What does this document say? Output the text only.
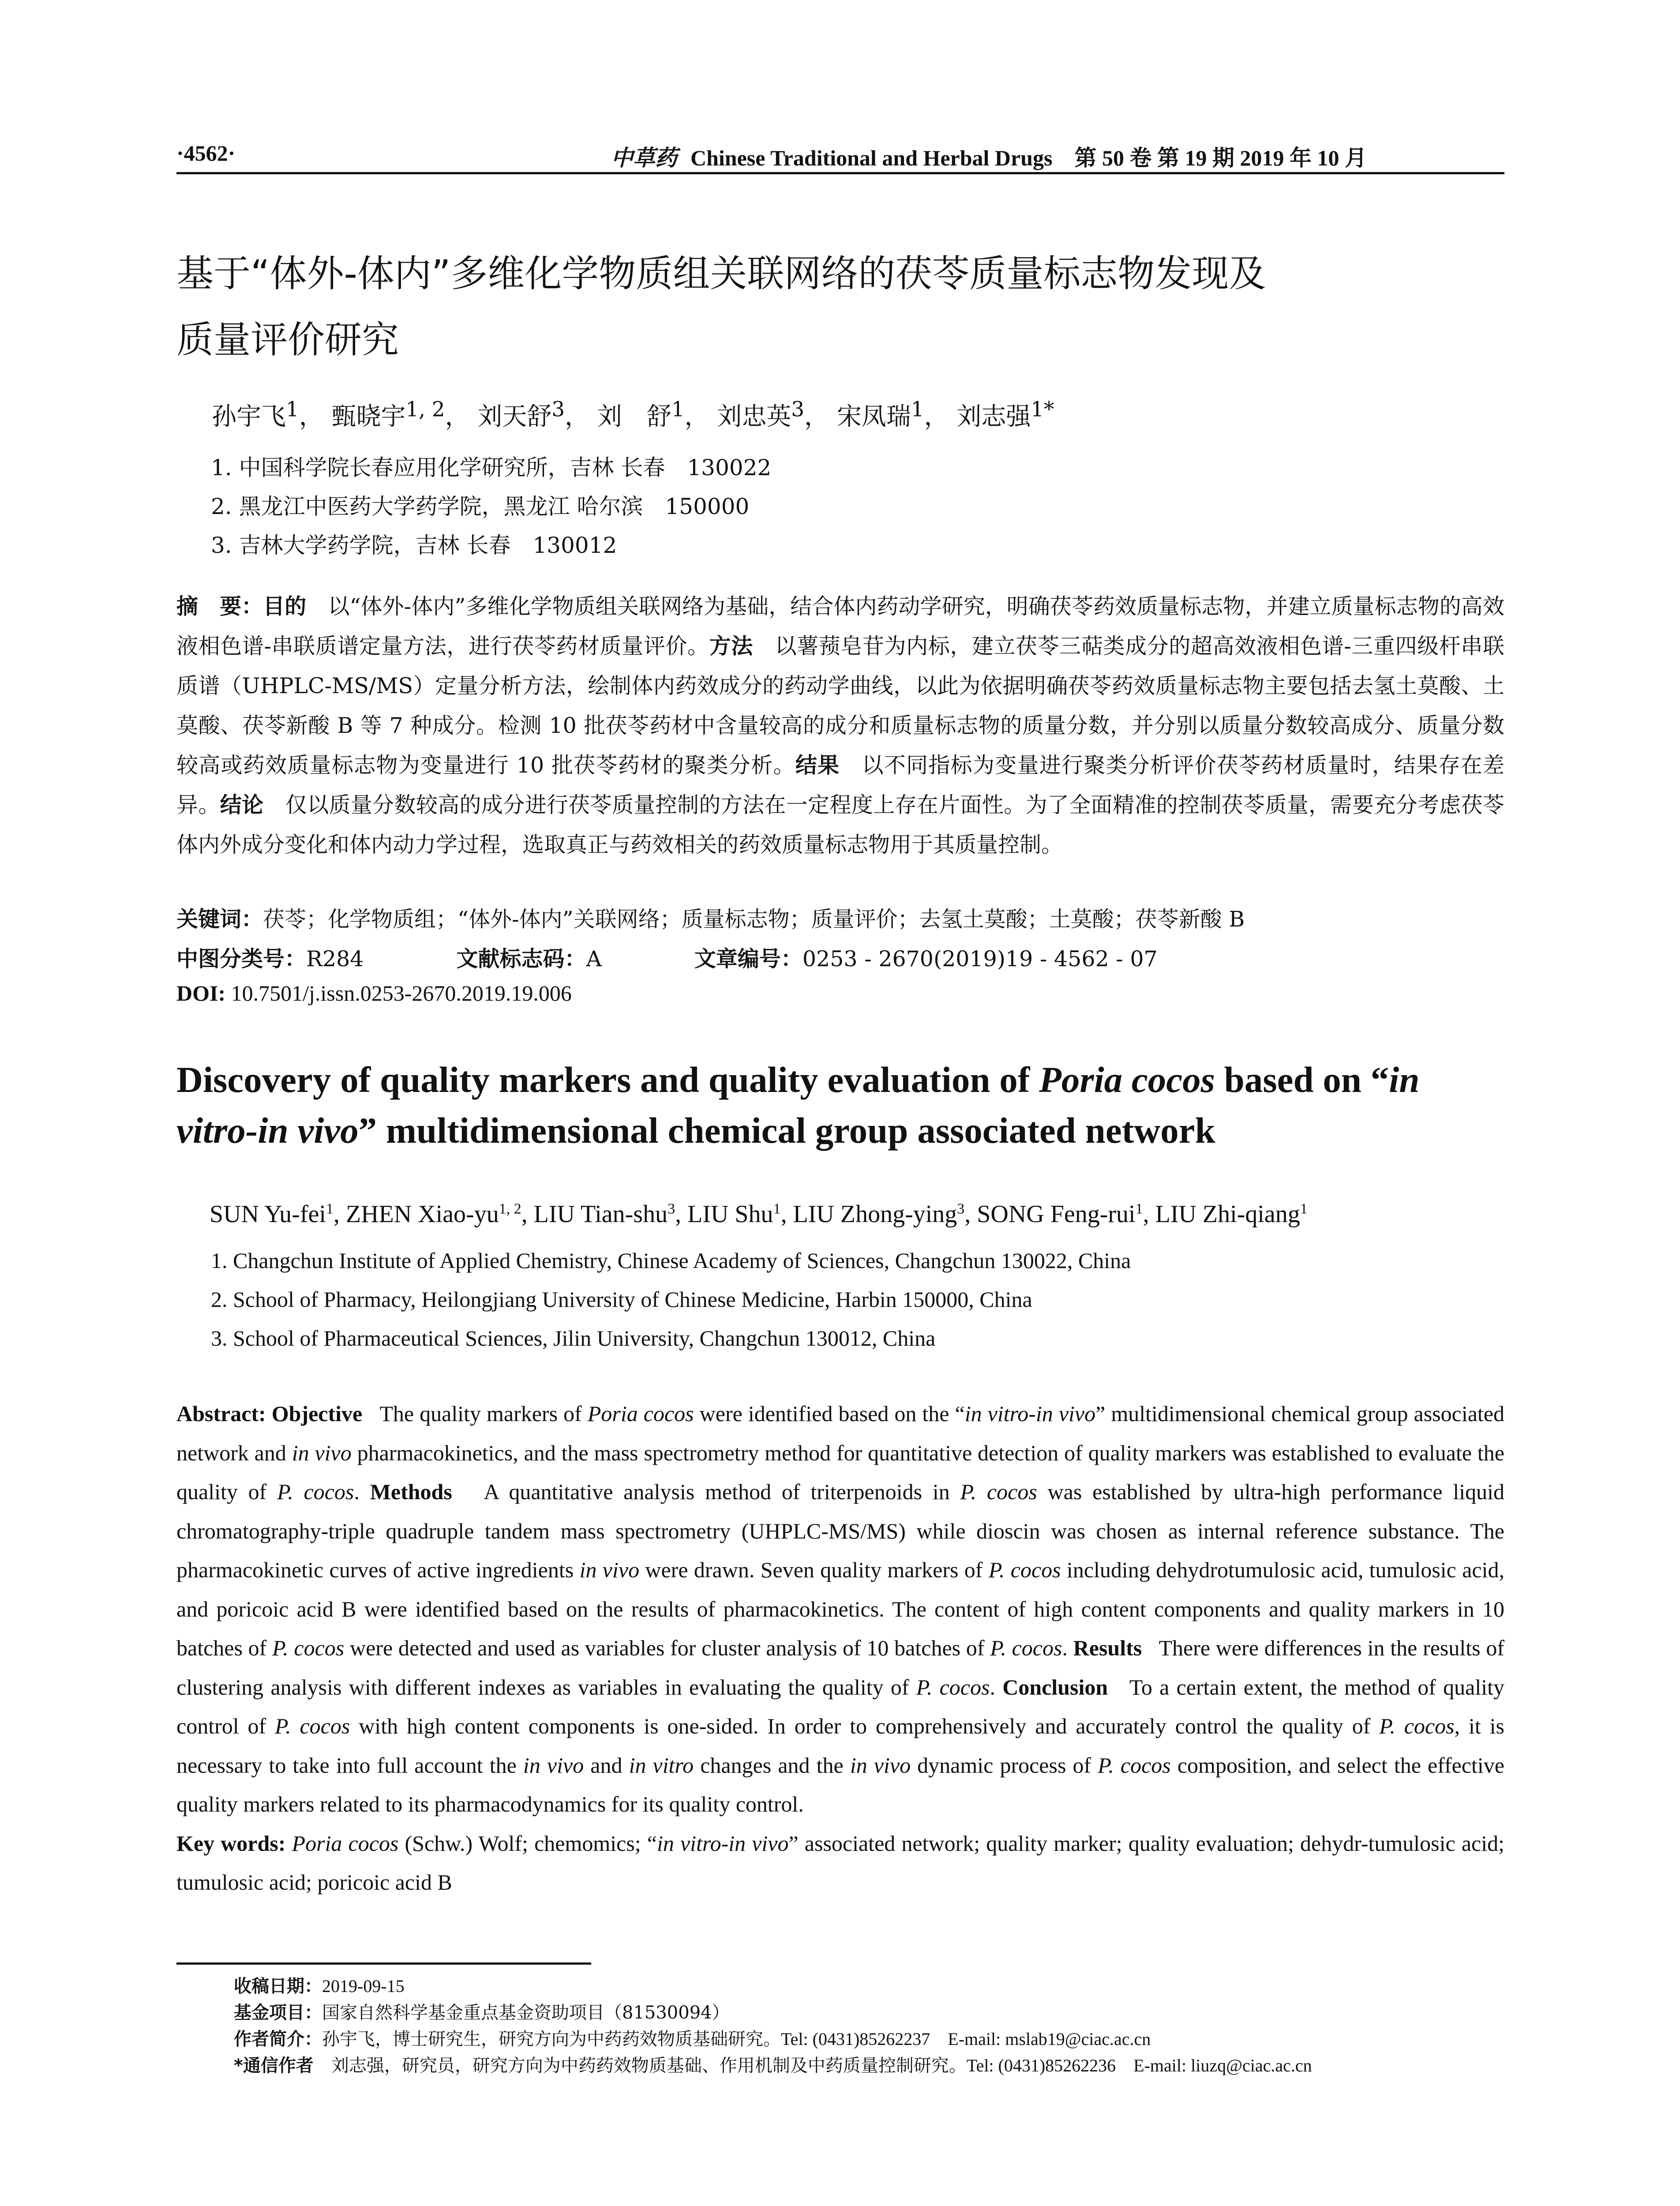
·4562·	中草药 Chinese Traditional and Herbal Drugs　 第 50 卷 第 19 期 2019 年 10 月
基于“体外-体内”多维化学物质组关联网络的茯苓质量标志物发现及
质量评价研究
孙宇飞$^1$， 甄晓宇$^{1, 2}$， 刘天舒$^3$， 刘　舒$^1$， 刘忠英$^3$， 宋凤瑞$^1$， 刘志强$^{1*}$
1. 中国科学院长春应用化学研究所，吉林 长春　130022
2. 黑龙江中医药大学药学院，黑龙江 哈尔滨　150000
3. 吉林大学药学院，吉林 长春　130012
摘　要：目的　 以“体外-体内”多维化学物质组关联网络为基础，结合体内药动学研究，明确茯苓药效质量标志物，并建立质量标志物的高效液相色谱-串联质谱定量方法，进行茯苓药材质量评价。方法　 以薯蓣皂苷为内标，建立茯苓三萜类成分的超高效液相色谱-三重四级杆串联质谱（UHPLC-MS/MS）定量分析方法，绘制体内药效成分的药动学曲线，以此为依据明确茯苓药效质量标志物主要包括去氢土莫酸、土莫酸、茯苓新酸 B 等 7 种成分。检测 10 批茯苓药材中含量较高的成分和质量标志物的质量分数，并分别以质量分数较高成分、质量分数较高或药效质量标志物为变量进行 10 批茯苓药材的聚类分析。结果　 以不同指标为变量进行聚类分析评价茯苓药材质量时，结果存在差异。结论　 仅以质量分数较高的成分进行茯苓质量控制的方法在一定程度上存在片面性。为了全面精准的控制茯苓质量，需要充分考虑茯苓体内外成分变化和体内动力学过程，选取真正与药效相关的药效质量标志物用于其质量控制。
关键词：茯苓；化学物质组；“体外-体内”关联网络；质量标志物；质量评价；去氢土莫酸；土莫酸；茯苓新酸 B
中图分类号：R284	文献标志码：A	文章编号：0253 - 2670(2019)19 - 4562 - 07
DOI: 10.7501/j.issn.0253-2670.2019.19.006
Discovery of quality markers and quality evaluation of Poria cocos based on “in vitro-in vivo” multidimensional chemical group associated network
SUN Yu-fei$^1$, ZHEN Xiao-yu$^{1, 2}$, LIU Tian-shu$^3$, LIU Shu$^1$, LIU Zhong-ying$^3$, SONG Feng-rui$^1$, LIU Zhi-qiang$^1$
1. Changchun Institute of Applied Chemistry, Chinese Academy of Sciences, Changchun 130022, China
2. School of Pharmacy, Heilongjiang University of Chinese Medicine, Harbin 150000, China
3. School of Pharmaceutical Sciences, Jilin University, Changchun 130012, China
Abstract: Objective The quality markers of Poria cocos were identified based on the “in vitro-in vivo” multidimensional chemical group associated network and in vivo pharmacokinetics, and the mass spectrometry method for quantitative detection of quality markers was established to evaluate the quality of P. cocos. Methods A quantitative analysis method of triterpenoids in P. cocos was established by ultra-high performance liquid chromatography-triple quadruple tandem mass spectrometry (UHPLC-MS/MS) while dioscin was chosen as internal reference substance. The pharmacokinetic curves of active ingredients in vivo were drawn. Seven quality markers of P. cocos including dehydrotumulosic acid, tumulosic acid, and poricoic acid B were identified based on the results of pharmacokinetics. The content of high content components and quality markers in 10 batches of P. cocos were detected and used as variables for cluster analysis of 10 batches of P. cocos. Results There were differences in the results of clustering analysis with different indexes as variables in evaluating the quality of P. cocos. Conclusion To a certain extent, the method of quality control of P. cocos with high content components is one-sided. In order to comprehensively and accurately control the quality of P. cocos, it is necessary to take into full account the in vivo and in vitro changes and the in vivo dynamic process of P. cocos composition, and select the effective quality markers related to its pharmacodynamics for its quality control.
Key words: Poria cocos (Schw.) Wolf; chemomics; “in vitro-in vivo” associated network; quality marker; quality evaluation; dehydr-tumulosic acid; tumulosic acid; poricoic acid B
收稿日期：2019-09-15
基金项目：国家自然科学基金重点基金资助项目（81530094）
作者简介：孙宇飞，博士研究生，研究方向为中药药效物质基础研究。Tel: (0431)85262237　E-mail: mslab19@ciac.ac.cn
*通信作者　 刘志强，研究员，研究方向为中药药效物质基础、作用机制及中药质量控制研究。Tel: (0431)85262236　E-mail: liuzq@ciac.ac.cn
